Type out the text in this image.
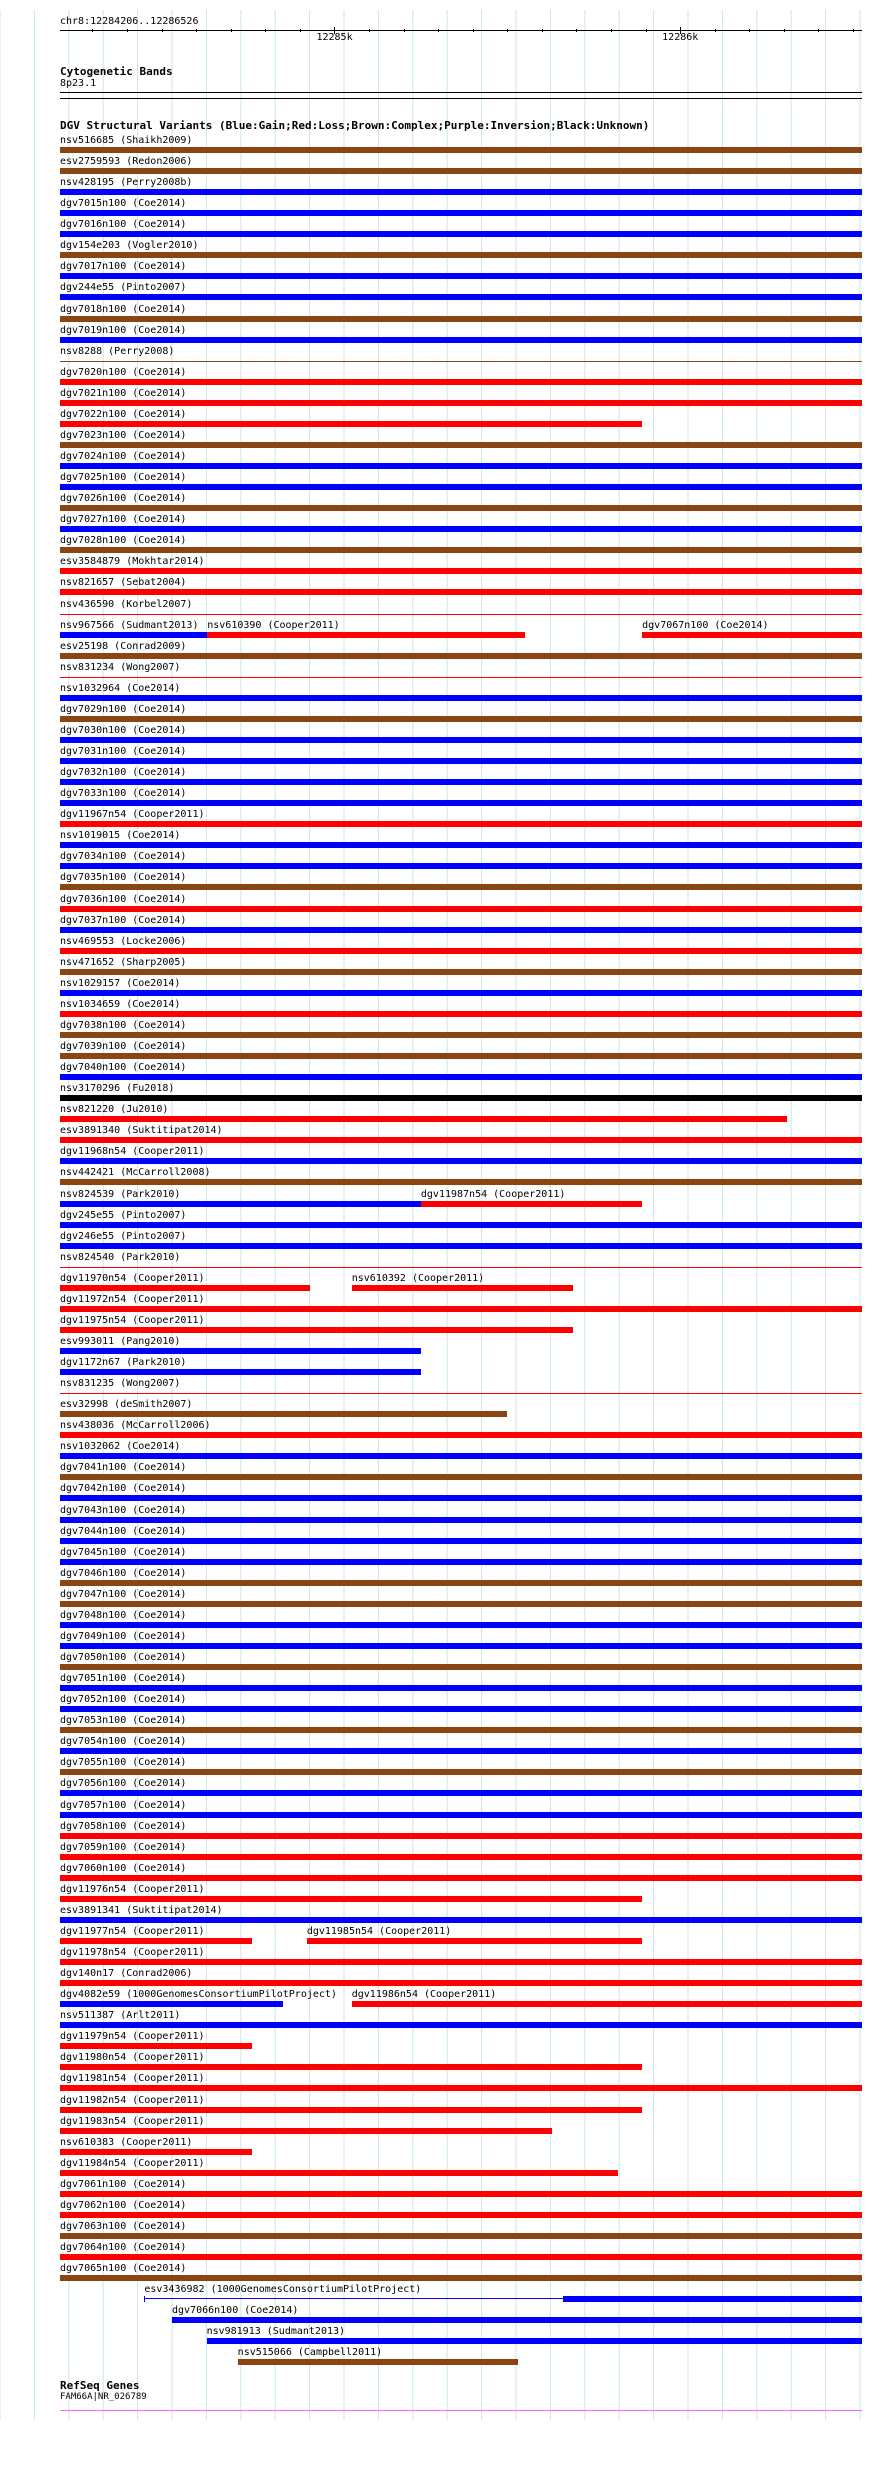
chr8:12284206..12286526
12285k	12286k
Cytogenetic Bands
8p23.1
DGV Structural Variants (Blue:Gain;Red:Loss;Brown:Complex;Purple:Inversion;Black:Unknown)
nsv516685 (Shaikh2009)
esv2759593 (Redon2006)
nsv428195 (Perry2008b)
dgv7015n100 (Coe2014)
dgv7016n100 (Coe2014)
dgv154e203 (Vogler2010)
dgv7017n100 (Coe2014)
dgv244e55 (Pinto2007)
dgv7018n100 (Coe2014)
dgv7019n100 (Coe2014)
nsv8288 (Perry2008)
dgv7020n100 (Coe2014)
dgv7021n100 (Coe2014)
dgv7022n100 (Coe2014)
dgv7023n100 (Coe2014)
dgv7024n100 (Coe2014)
dgv7025n100 (Coe2014)
dgv7026n100 (Coe2014)
dgv7027n100 (Coe2014)
dgv7028n100 (Coe2014)
esv3584879 (Mokhtar2014)
nsv821657 (Sebat2004)
nsv436590 (Korbel2007)
nsv967566 (Sudmant2013) nsv610390 (Cooper2011)	dgv7067n100 (Coe2014)
esv25198 (Conrad2009)
nsv831234 (Wong2007)
nsv1032964 (Coe2014)
dgv7029n100 (Coe2014)
dgv7030n100 (Coe2014)
dgv7031n100 (Coe2014)
dgv7032n100 (Coe2014)
dgv7033n100 (Coe2014)
dgv11967n54 (Cooper2011)
nsv1019015 (Coe2014)
dgv7034n100 (Coe2014)
dgv7035n100 (Coe2014)
dgv7036n100 (Coe2014)
dgv7037n100 (Coe2014)
nsv469553 (Locke2006)
nsv471652 (Sharp2005)
nsv1029157 (Coe2014)
nsv1034659 (Coe2014)
dgv7038n100 (Coe2014)
dgv7039n100 (Coe2014)
dgv7040n100 (Coe2014)
nsv3170296 (Fu2018)
nsv821220 (Ju2010)
esv3891340 (Suktitipat2014)
dgv11968n54 (Cooper2011)
nsv442421 (McCarroll2008)
nsv824539 (Park2010)	dgv11987n54 (Cooper2011)
dgv245e55 (Pinto2007)
dgv246e55 (Pinto2007)
nsv824540 (Park2010)
dgv11970n54 (Cooper2011)	nsv610392 (Cooper2011)
dgv11972n54 (Cooper2011)
dgv11975n54 (Cooper2011)
esv993011 (Pang2010)
dgv1172n67 (Park2010)
nsv831235 (Wong2007)
esv32998 (deSmith2007)
nsv438036 (McCarroll2006)
nsv1032062 (Coe2014)
dgv7041n100 (Coe2014)
dgv7042n100 (Coe2014)
dgv7043n100 (Coe2014)
dgv7044n100 (Coe2014)
dgv7045n100 (Coe2014)
dgv7046n100 (Coe2014)
dgv7047n100 (Coe2014)
dgv7048n100 (Coe2014)
dgv7049n100 (Coe2014)
dgv7050n100 (Coe2014)
dgv7051n100 (Coe2014)
dgv7052n100 (Coe2014)
dgv7053n100 (Coe2014)
dgv7054n100 (Coe2014)
dgv7055n100 (Coe2014)
dgv7056n100 (Coe2014)
dgv7057n100 (Coe2014)
dgv7058n100 (Coe2014)
dgv7059n100 (Coe2014)
dgv7060n100 (Coe2014)
dgv11976n54 (Cooper2011)
esv3891341 (Suktitipat2014)
dgv11977n54 (Cooper2011)	dgv11985n54 (Cooper2011)
dgv11978n54 (Cooper2011)
dgv140n17 (Conrad2006)
dgv4082e59 (1000GenomesConsortiumPilotProject) dgv11986n54 (Cooper2011)
nsv511387 (Arlt2011)
dgv11979n54 (Cooper2011)
dgv11980n54 (Cooper2011)
dgv11981n54 (Cooper2011)
dgv11982n54 (Cooper2011)
dgv11983n54 (Cooper2011)
nsv610383 (Cooper2011)
dgv11984n54 (Cooper2011)
dgv7061n100 (Coe2014)
dgv7062n100 (Coe2014)
dgv7063n100 (Coe2014)
dgv7064n100 (Coe2014)
dgv7065n100 (Coe2014)
esv3436982 (1000GenomesConsortiumPilotProject)
dgv7066n100 (Coe2014)
nsv981913 (Sudmant2013)
nsv515066 (Campbell2011)
RefSeq Genes
FAM66A|NR_026789
